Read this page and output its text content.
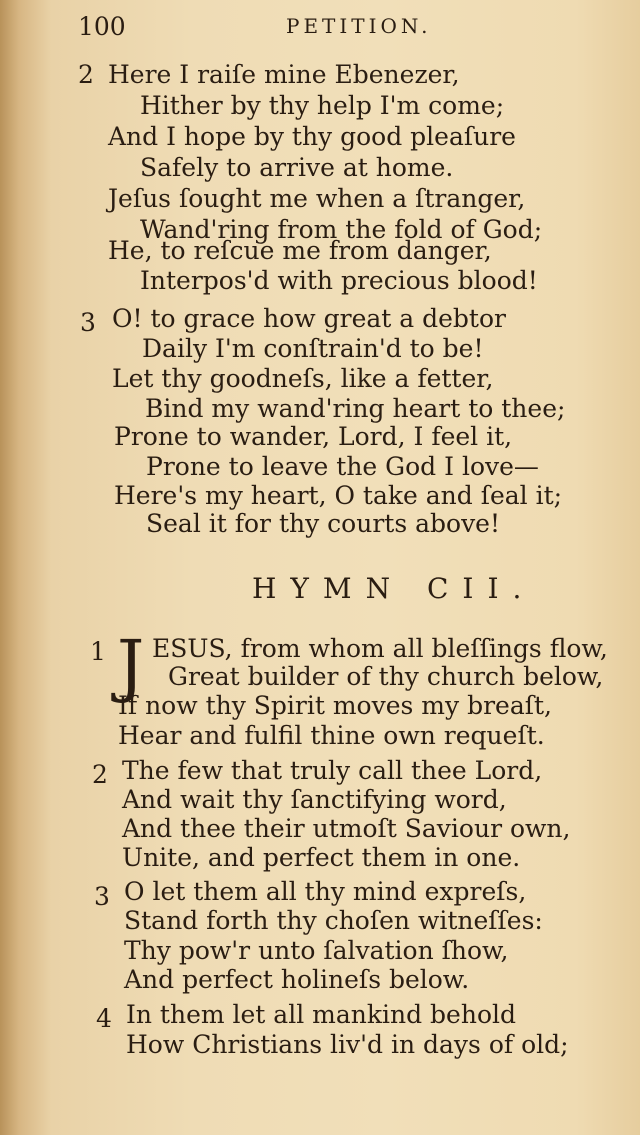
100	PETITION.
2 Here I raiſe mine Ebenezer,
Hither by thy help I'm come;
And I hope by thy good pleaſure
Safely to arrive at home.
Jeſus ſought me when a ſtranger,
Wand'ring from the fold of God;
He, to reſcue me from danger,
Interpos'd with precious blood!
3 O! to grace how great a debtor
Daily I'm conſtrain'd to be!
Let thy goodneſs, like a fetter,
Bind my wand'ring heart to thee;
Prone to wander, Lord, I feel it,
Prone to leave the God I love—
Here's my heart, O take and ſeal it;
Seal it for thy courts above!
HYMN CII.
1 J ESUS, from whom all bleſſings flow,
Great builder of thy church below,
If now thy Spirit moves my breaſt,
Hear and fulfil thine own requeſt.
2 The few that truly call thee Lord,
And wait thy ſanctifying word,
And thee their utmoſt Saviour own,
Unite, and perfect them in one.
3 O let them all thy mind expreſs,
Stand forth thy choſen witneſſes:
Thy pow'r unto ſalvation ſhow,
And perfect holineſs below.
4 In them let all mankind behold
How Christians liv'd in days of old;
